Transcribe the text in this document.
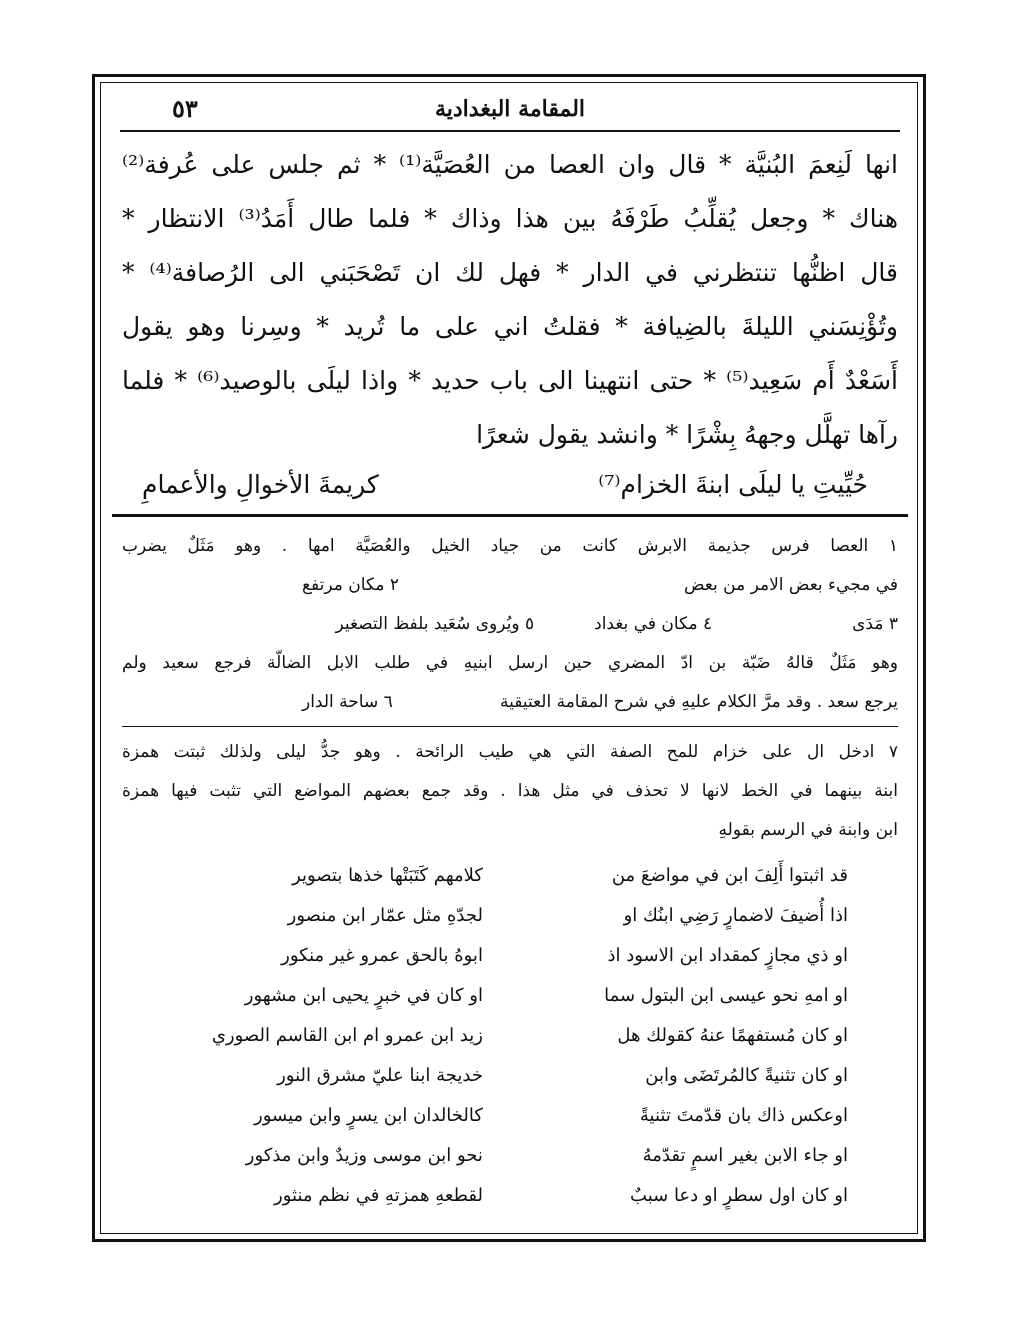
المقامة البغدادية
٥٣
انها لَنِعمَ البُنيَّة * قال وان العصا من العُصَيَّة⁽¹⁾ * ثم جلس على عُرفة⁽²⁾
هناك * وجعل يُقلِّبُ طَرْفَهُ بين هذا وذاك * فلما طال أَمَدُ⁽³⁾ الانتظار *
قال اظنُّها تنتظرني في الدار * فهل لك ان تَصْحَبَني الى الرُصافة⁽⁴⁾ *
وتُؤْنِسَني الليلةَ بالضِيافة * فقلتُ اني على ما تُريد * وسِرنا وهو يقول
أَسَعْدٌ أَم سَعِيد⁽⁵⁾ * حتى انتهينا الى باب حديد * واذا ليلَى بالوصيد⁽⁶⁾ * فلما
رآها تهلَّل وجههُ بِشْرًا * وانشد يقول شعرًا
حُيِّيتِ يا ليلَى ابنةَ الخزام⁽⁷⁾
كريمةَ الأخوالِ والأعمامِ
١ العصا فرس جذيمة الابرش كانت من جياد الخيل والعُصَيَّة امها . وهو مَثَلٌ يضرب
في مجيء بعض الامر من بعض
٢ مكان مرتفع
٣ مَدَى
٤ مكان في بغداد
٥ ويُروى سُعَيد بلفظ التصغير
وهو مَثَلٌ قالهُ ضَبّة بن ادّ المضري حين ارسل ابنيهِ في طلب الابل الضالّة فرجع سعيد ولم
يرجع سعد . وقد مرَّ الكلام عليهِ في شرح المقامة العتيقية
٦ ساحة الدار
٧ ادخل ال على خزام للمح الصفة التي هي طيب الرائحة . وهو جدُّ ليلى ولذلك ثبتت همزة
ابنة بينهما في الخط لانها لا تحذف في مثل هذا . وقد جمع بعضهم المواضع التي تثبت فيها همزة
ابن وابنة في الرسم بقولهِ
قد اثبتوا أَلِفَ ابن في مواضعَ من
كلامهم كَتَبَتْها خذها بتصوير
اذا أُضيفَ لاضمارٍ رَضِي ابنُك او
لجدّهِ مثل عمّار ابن منصور
او ذي مجازٍ كمقداد ابن الاسود اذ
ابوهُ بالحق عمرو غير منكور
او امهِ نحو عيسى ابن البتول سما
او كان في خبرٍ يحيى ابن مشهور
او كان مُستفهمًا عنهُ كقولك هل
زيد ابن عمرو ام ابن القاسم الصوري
او كان تثنيةً كالمُرتَضَى وابن
خديجة ابنا عليّ مشرق النور
اوعكس ذاك بان قدّمتَ تثنيةً
كالخالدان ابن يسرٍ وابن ميسور
او جاء الابن بغير اسمٍ تقدّمهُ
نحو ابن موسى وزيدٌ وابن مذكور
او كان اول سطرٍ او دعا سببٌ
لقطعهِ همزتهِ في نظم منثور
